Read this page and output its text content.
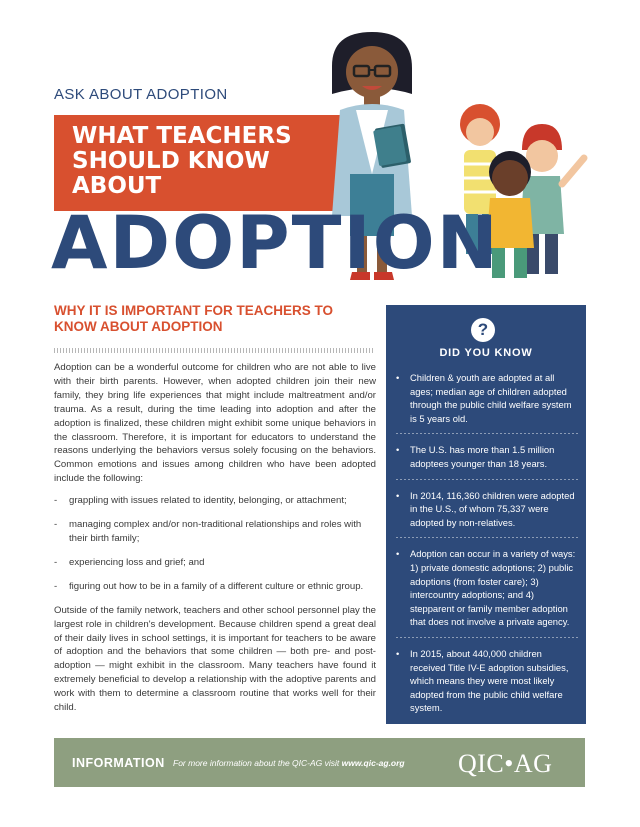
ASK ABOUT ADOPTION
WHAT TEACHERS SHOULD KNOW ABOUT
ADOPTION
WHY IT IS IMPORTANT FOR TEACHERS TO KNOW ABOUT ADOPTION

Adoption can be a wonderful outcome for children who are not able to live with their birth parents. However, when adopted children join their new family, they bring life experiences that might include maltreatment and/or trauma. As a result, during the time leading into adoption and after the adoption is finalized, these children might exhibit some unique behaviors in the classroom. Therefore, it is important for educators to understand the reasons underlying the behaviors versus solely focusing on the behaviors. Common emotions and issues among children who have been adopted include the following:

- grappling with issues related to identity, belonging, or attachment;
- managing complex and/or non-traditional relationships and roles with their birth family;
- experiencing loss and grief; and
- figuring out how to be in a family of a different culture or ethnic group.

Outside of the family network, teachers and other school personnel play the largest role in children's development. Because children spend a great deal of their daily lives in school settings, it is important for teachers to be aware of adoption and the behaviors that some children — both pre- and post-adoption — might exhibit in the classroom. Many teachers have found it extremely beneficial to develop a relationship with the adoptive parents and work with them to determine a classroom routine that works well for their child.

?
DID YOU KNOW
• Children & youth are adopted at all ages; median age of children adopted through the public child welfare system is 5 years old.
• The U.S. has more than 1.5 million adoptees younger than 18 years.
• In 2014, 116,360 children were adopted in the U.S., of whom 75,337 were adopted by non-relatives.
• Adoption can occur in a variety of ways: 1) private domestic adoptions; 2) public adoptions (from foster care); 3) intercountry adoptions; and 4) stepparent or family member adoption that does not involve a private agency.
• In 2015, about 440,000 children received Title IV-E adoption subsidies, which means they were most likely adopted from the public child welfare system.
INFORMATION For more information about the QIC-AG visit www.qic-ag.org QIC•AG
